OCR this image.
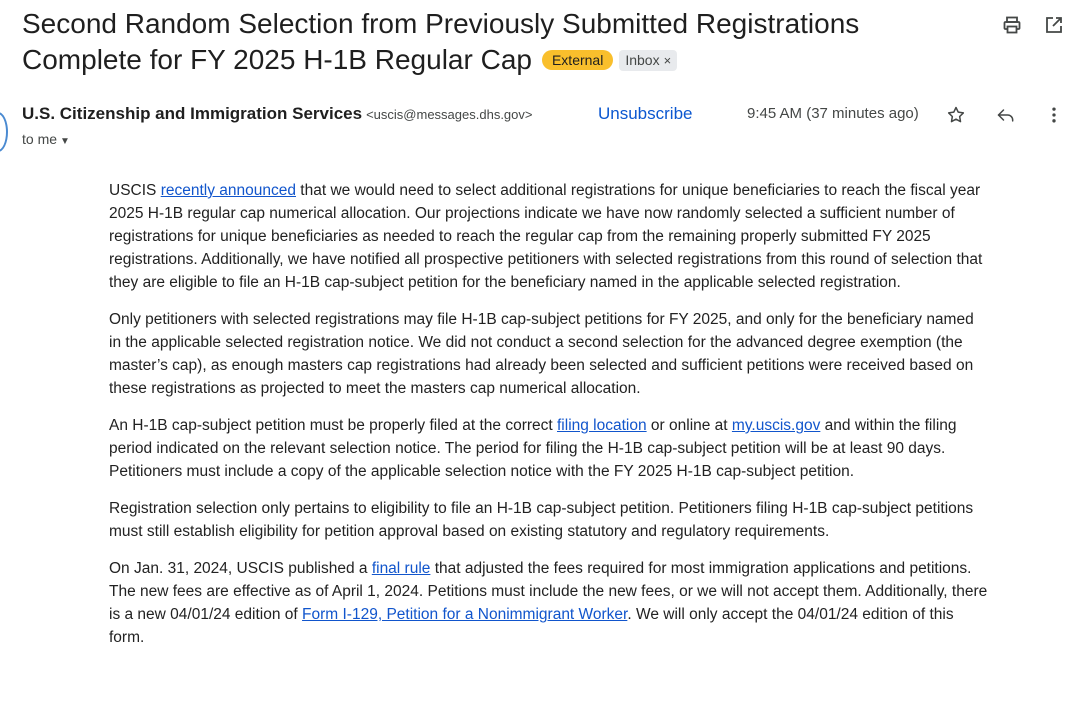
Second Random Selection from Previously Submitted Registrations Complete for FY 2025 H-1B Regular Cap External Inbox ×
U.S. Citizenship and Immigration Services <uscis@messages.dhs.gov>	Unsubscribe
to me ▼
9:45 AM (37 minutes ago)

USCIS recently announced that we would need to select additional registrations for unique beneficiaries to reach the fiscal year 2025 H-1B regular cap numerical allocation. Our projections indicate we have now randomly selected a sufficient number of registrations for unique beneficiaries as needed to reach the regular cap from the remaining properly submitted FY 2025 registrations. Additionally, we have notified all prospective petitioners with selected registrations from this round of selection that they are eligible to file an H-1B cap-subject petition for the beneficiary named in the applicable selected registration.

Only petitioners with selected registrations may file H-1B cap-subject petitions for FY 2025, and only for the beneficiary named in the applicable selected registration notice. We did not conduct a second selection for the advanced degree exemption (the master’s cap), as enough masters cap registrations had already been selected and sufficient petitions were received based on these registrations as projected to meet the masters cap numerical allocation.

An H-1B cap-subject petition must be properly filed at the correct filing location or online at my.uscis.gov and within the filing period indicated on the relevant selection notice. The period for filing the H-1B cap-subject petition will be at least 90 days. Petitioners must include a copy of the applicable selection notice with the FY 2025 H-1B cap-subject petition.

Registration selection only pertains to eligibility to file an H-1B cap-subject petition. Petitioners filing H-1B cap-subject petitions must still establish eligibility for petition approval based on existing statutory and regulatory requirements.

On Jan. 31, 2024, USCIS published a final rule that adjusted the fees required for most immigration applications and petitions. The new fees are effective as of April 1, 2024. Petitions must include the new fees, or we will not accept them. Additionally, there is a new 04/01/24 edition of Form I-129, Petition for a Nonimmigrant Worker. We will only accept the 04/01/24 edition of this form.
